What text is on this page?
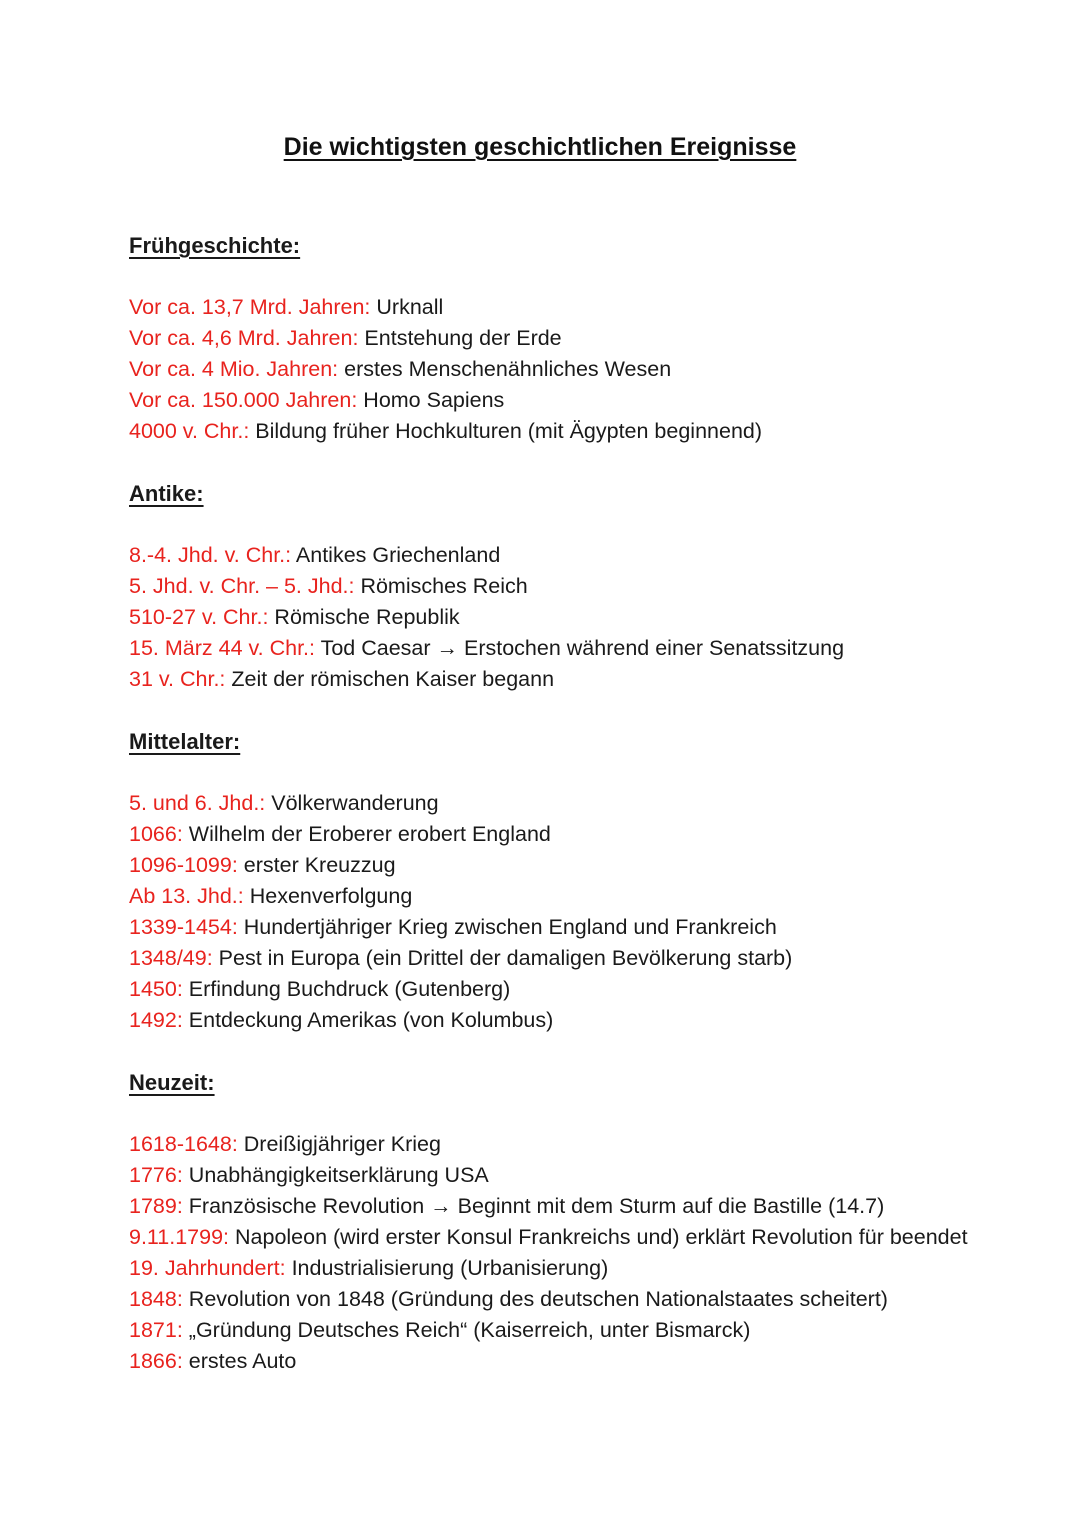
Die wichtigsten geschichtlichen Ereignisse
Frühgeschichte:
Vor ca. 13,7 Mrd. Jahren: Urknall
Vor ca. 4,6 Mrd. Jahren: Entstehung der Erde
Vor ca. 4 Mio. Jahren: erstes Menschenähnliches Wesen
Vor ca. 150.000 Jahren: Homo Sapiens
4000 v. Chr.: Bildung früher Hochkulturen (mit Ägypten beginnend)
Antike:
8.-4. Jhd. v. Chr.: Antikes Griechenland
5. Jhd. v. Chr. – 5. Jhd.: Römisches Reich
510-27 v. Chr.: Römische Republik
15. März 44 v. Chr.: Tod Caesar → Erstochen während einer Senatssitzung
31 v. Chr.: Zeit der römischen Kaiser begann
Mittelalter:
5. und 6. Jhd.: Völkerwanderung
1066: Wilhelm der Eroberer erobert England
1096-1099: erster Kreuzzug
Ab 13. Jhd.: Hexenverfolgung
1339-1454: Hundertjähriger Krieg zwischen England und Frankreich
1348/49: Pest in Europa (ein Drittel der damaligen Bevölkerung starb)
1450: Erfindung Buchdruck (Gutenberg)
1492: Entdeckung Amerikas (von Kolumbus)
Neuzeit:
1618-1648: Dreißigjähriger Krieg
1776: Unabhängigkeitserklärung USA
1789: Französische Revolution → Beginnt mit dem Sturm auf die Bastille (14.7)
9.11.1799: Napoleon (wird erster Konsul Frankreichs und) erklärt Revolution für beendet
19. Jahrhundert: Industrialisierung (Urbanisierung)
1848: Revolution von 1848 (Gründung des deutschen Nationalstaates scheitert)
1871: „Gründung Deutsches Reich“ (Kaiserreich, unter Bismarck)
1866: erstes Auto
